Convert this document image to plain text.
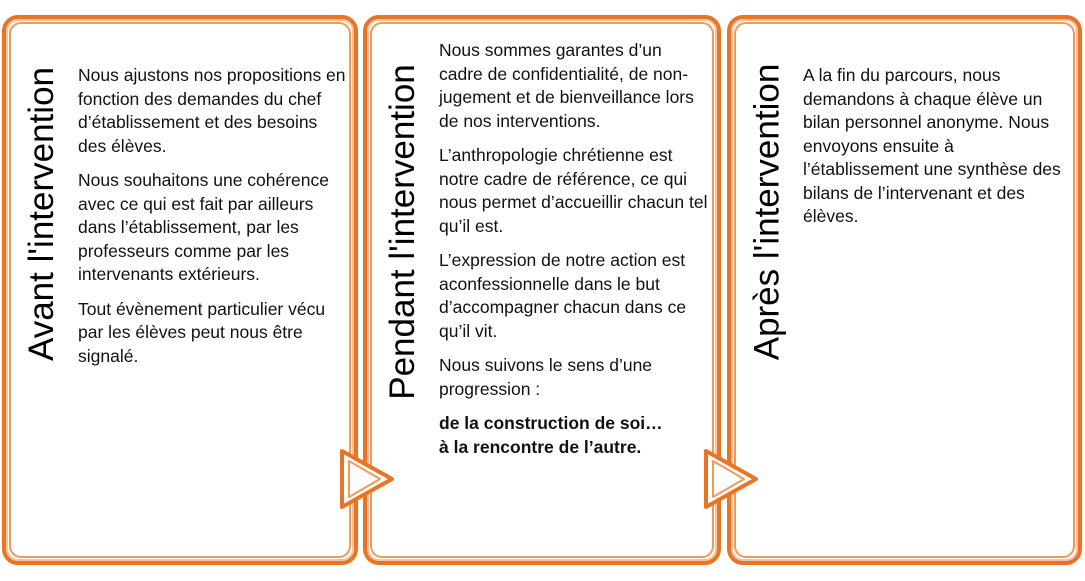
Avant l'intervention Nous ajustons nos propositions en fonction des demandes du chef d’établissement et des besoins des élèves.

Nous souhaitons une cohérence avec ce qui est fait par ailleurs dans l’établissement, par les professeurs comme par les intervenants extérieurs.

Tout évènement particulier vécu par les élèves peut nous être signalé.	Pendant l'intervention

Nous sommes garantes d’un cadre de confidentialité, de non-jugement et de bienveillance lors de nos interventions.

L’anthropologie chrétienne est notre cadre de référence, ce qui nous permet d’accueillir chacun tel qu’il est.

L’expression de notre action est aconfessionnelle dans le but d’accompagner chacun dans ce qu’il vit.

Nous suivons le sens d’une progression :

de la construction de soi…
à la rencontre de l’autre.

Après l'intervention A la fin du parcours, nous demandons à chaque élève un bilan personnel anonyme. Nous envoyons ensuite à l’établissement une synthèse des bilans de l’intervenant et des élèves.
